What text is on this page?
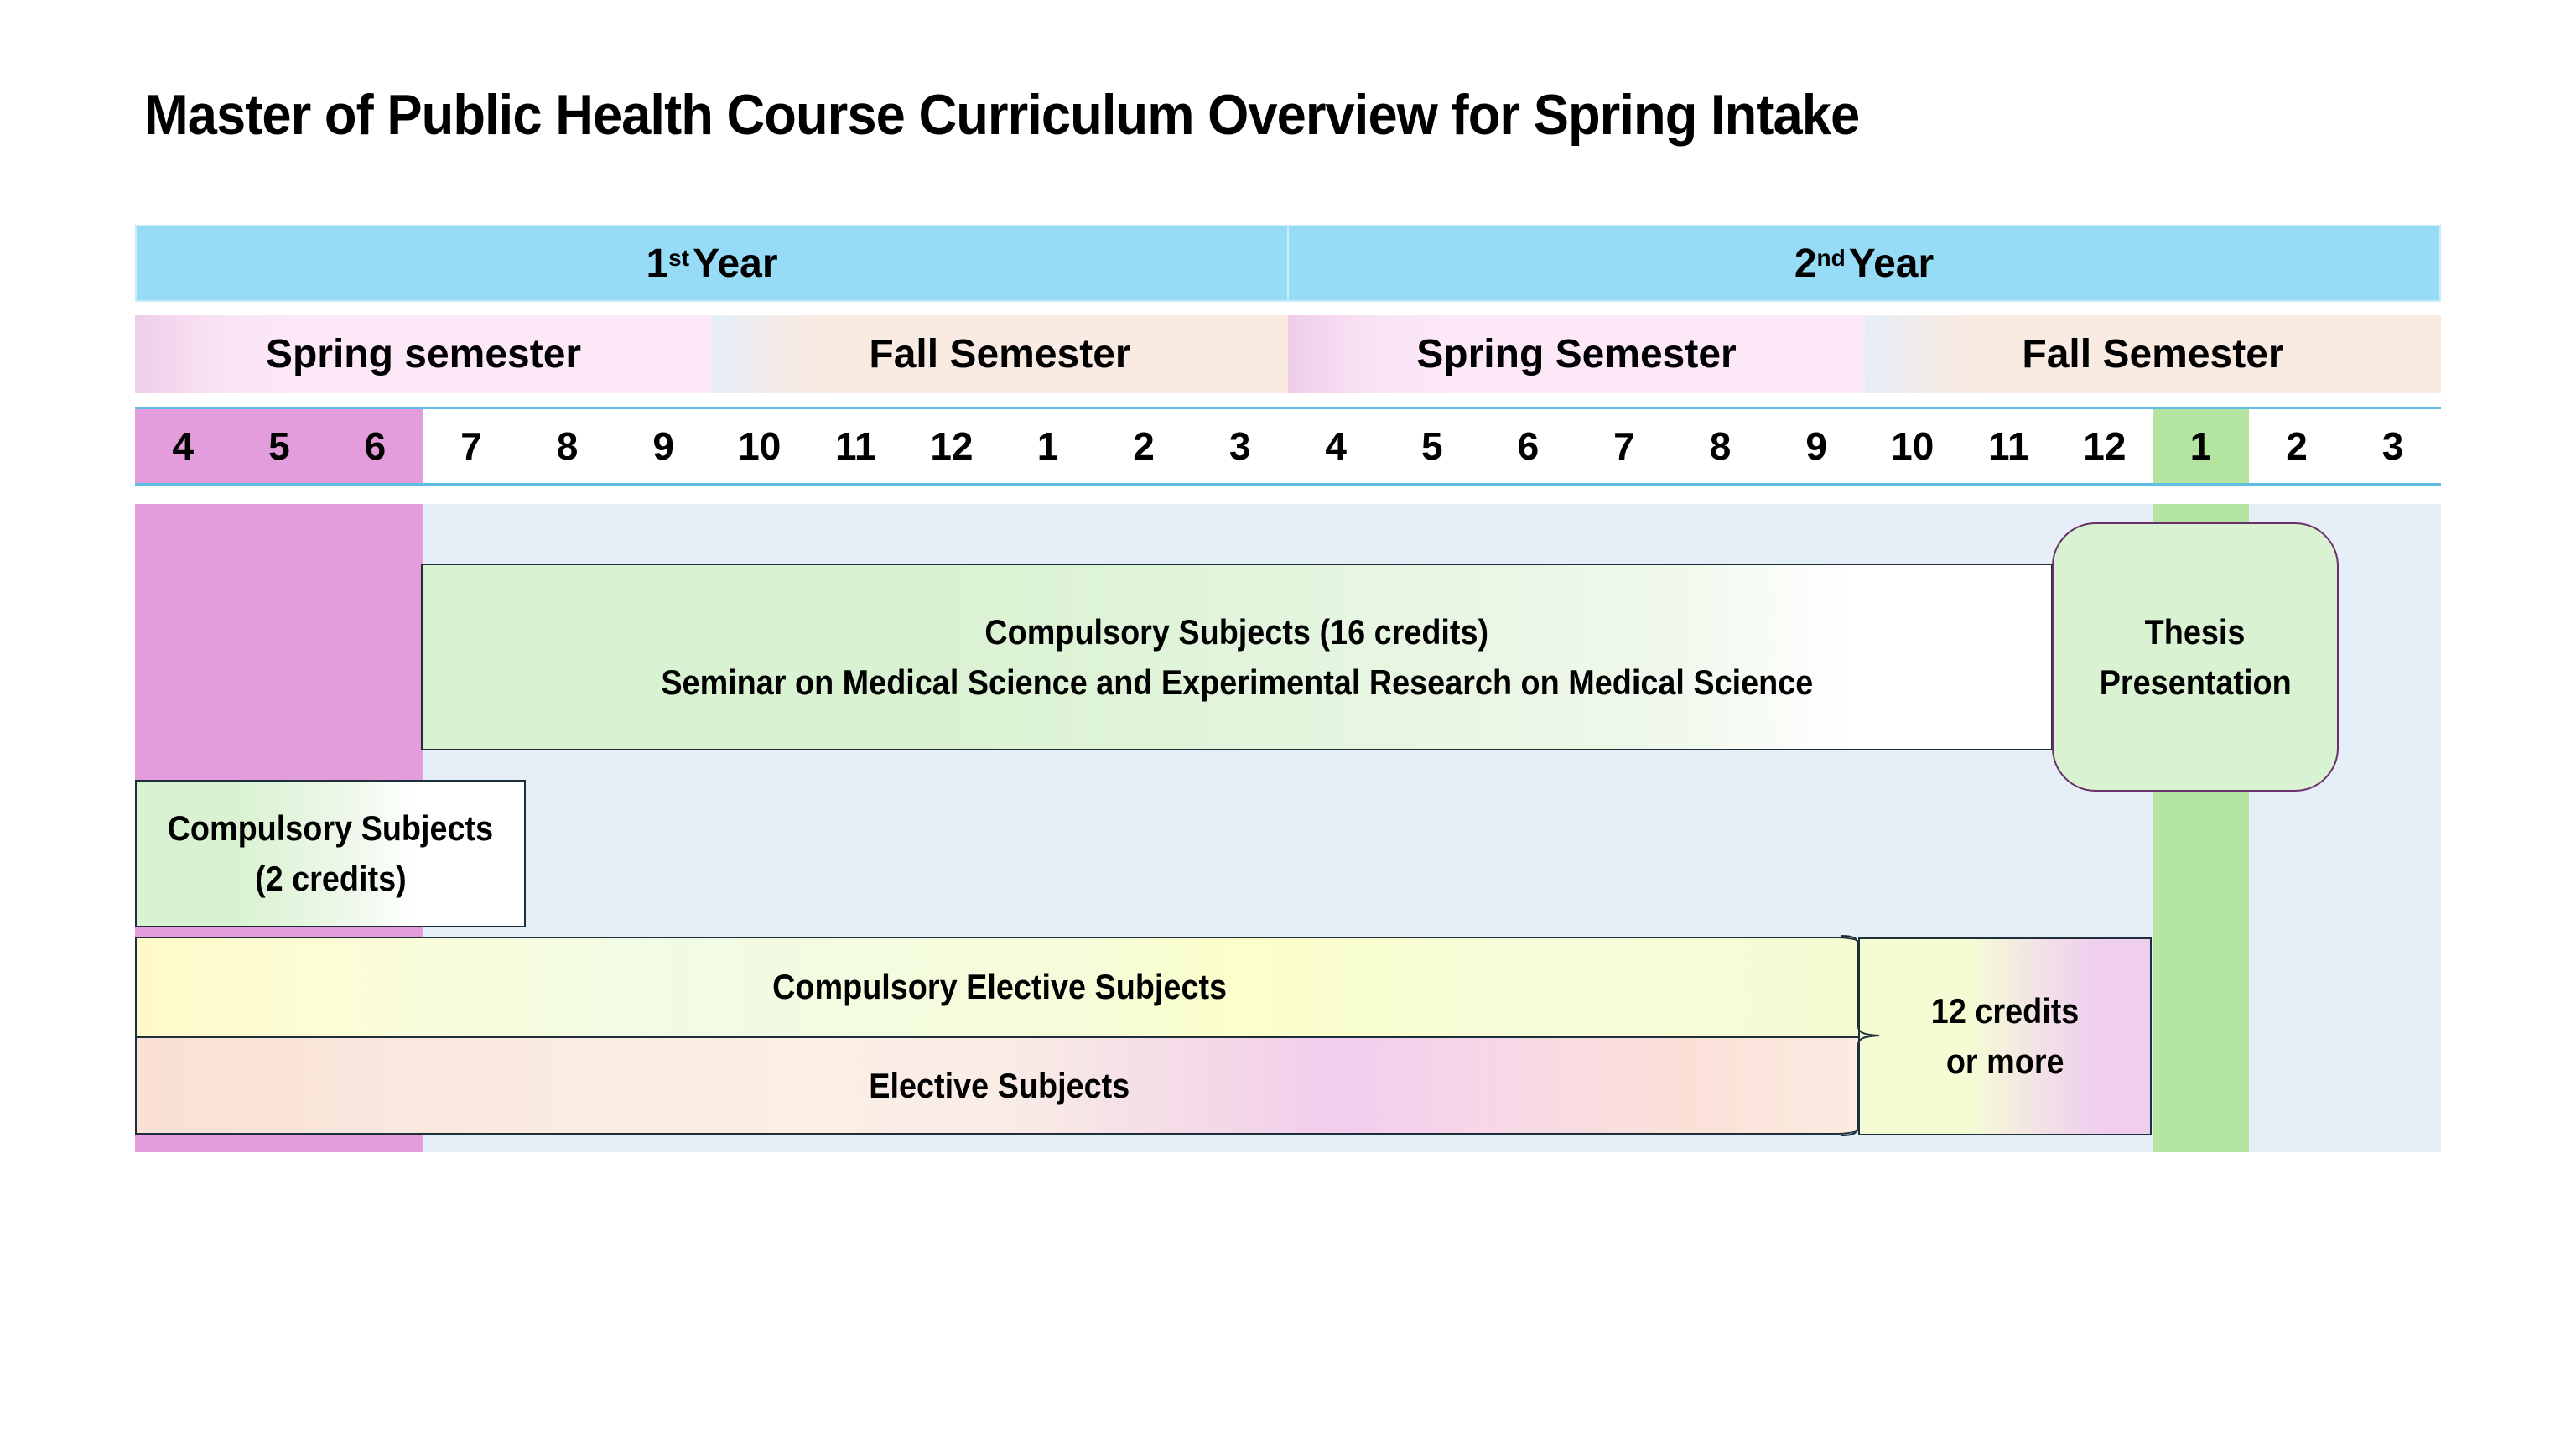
Master of Public Health Course Curriculum Overview for Spring Intake
1st Year	2nd Year
Spring semester	Fall Semester	Spring Semester	Fall Semester
4	5	6	7	8	9	10	11	12	1	2	3	4	5	6	7	8	9	10	11	12	1	2	3
Compulsory Subjects (16 credits)
Seminar on Medical Science and Experimental Research on Medical Science
Thesis
Presentation
Compulsory Subjects
(2 credits)
Compulsory Elective Subjects
Elective Subjects
12 credits
or more
